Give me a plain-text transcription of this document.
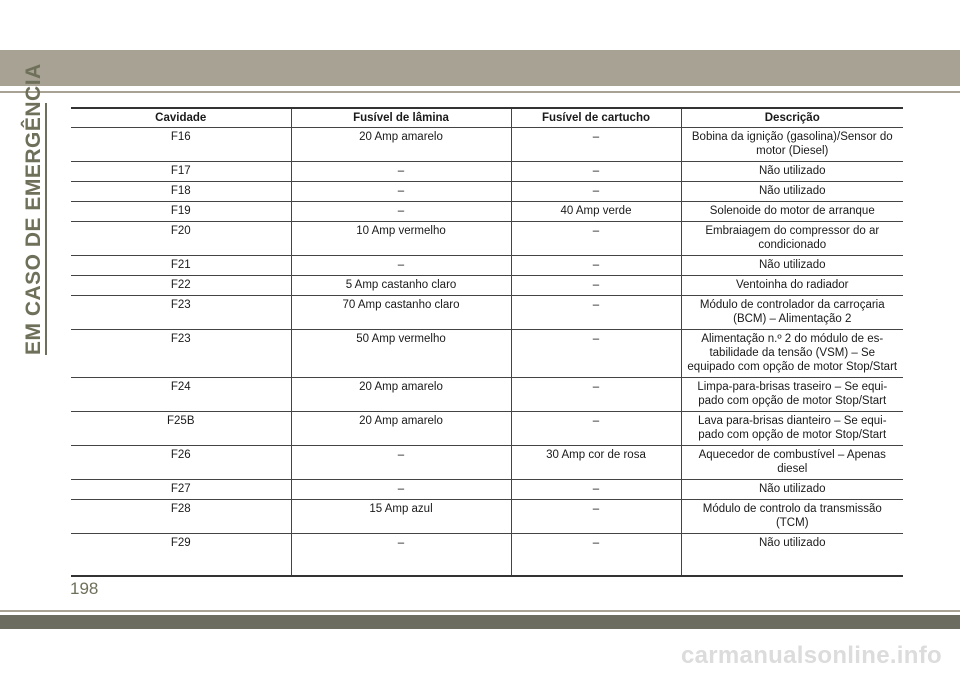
EM CASO DE EMERGÊNCIA	Cavidade	Fusível de lâmina	Fusível de cartucho	Descrição
F16	20 Amp amarelo	–	Bobina da ignição (gasolina)/Sensor do motor (Diesel)
F17	–	–	Não utilizado
F18	–	–	Não utilizado
F19	–	40 Amp verde	Solenoide do motor de arranque
F20	10 Amp vermelho	–	Embraiagem do compressor do ar condicionado
F21	–	–	Não utilizado
F22	5 Amp castanho claro	–	Ventoinha do radiador
F23	70 Amp castanho claro	–	Módulo de controlador da carroçaria (BCM) – Alimentação 2
F23	50 Amp vermelho	–	Alimentação n.º 2 do módulo de es-tabilidade da tensão (VSM) – Se equipado com opção de motor Stop/Start
F24	20 Amp amarelo	–	Limpa-para-brisas traseiro – Se equi-pado com opção de motor Stop/Start
F25B	20 Amp amarelo	–	Lava para-brisas dianteiro – Se equi-pado com opção de motor Stop/Start
F26	–	30 Amp cor de rosa	Aquecedor de combustível – Apenas diesel
F27	–	–	Não utilizado
F28	15 Amp azul	–	Módulo de controlo da transmissão (TCM)
F29	–	–	Não utilizado
198
carmanualsonline.info
